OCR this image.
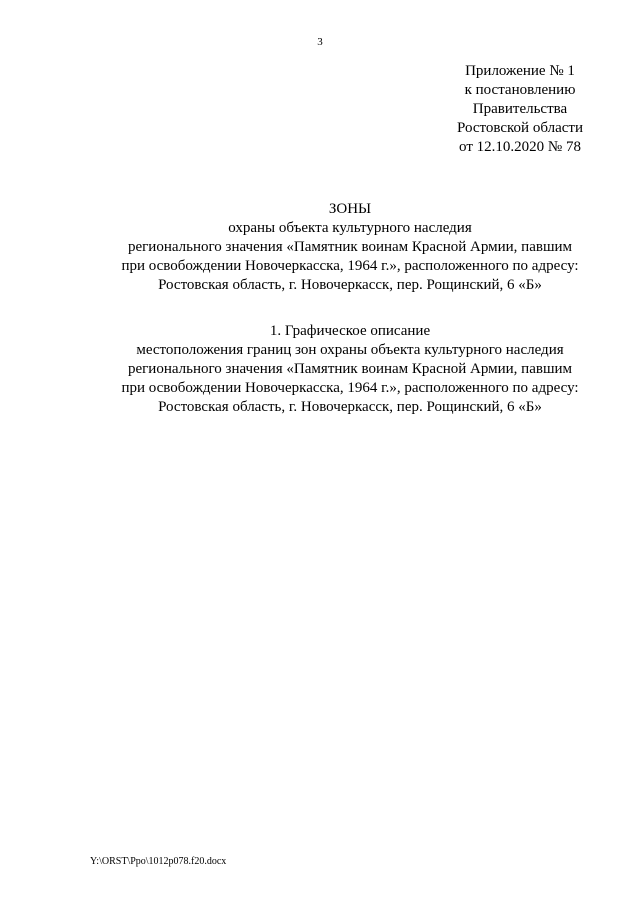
3
Приложение № 1
к постановлению
Правительства
Ростовской области
от 12.10.2020 № 78
ЗОНЫ
охраны объекта культурного наследия
регионального значения «Памятник воинам Красной Армии, павшим
при освобождении Новочеркасска, 1964 г.», расположенного по адресу:
Ростовская область, г. Новочеркасск, пер. Рощинский, 6 «Б»
1. Графическое описание
местоположения границ зон охраны объекта культурного наследия
регионального значения «Памятник воинам Красной Армии, павшим
при освобождении Новочеркасска, 1964 г.», расположенного по адресу:
Ростовская область, г. Новочеркасск, пер. Рощинский, 6 «Б»
Y:\ORST\Ppo\1012p078.f20.docx
